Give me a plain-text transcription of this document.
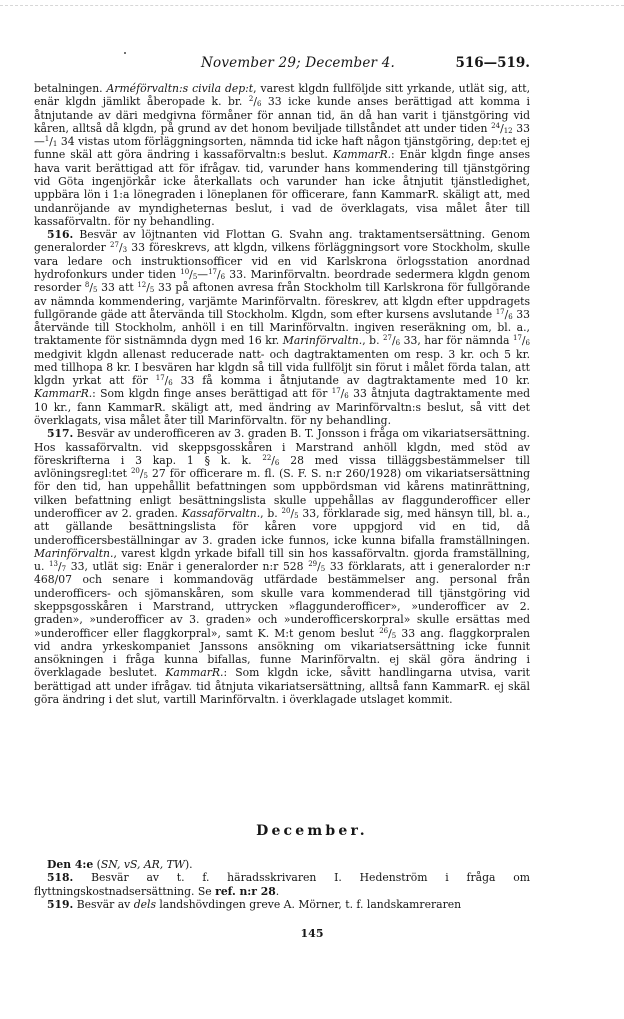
November 29; December 4.	516—519.

betalningen. Arméförvaltn:s civila dep:t, varest klgdn fullföljde sitt yrkande, utlät sig, att, enär klgdn jämlikt åberopade k. br. $^2/_6$ 33 icke kunde anses berättigad att komma i åtnjutande av däri medgivna förmåner för annan tid, än då han varit i tjänstgöring vid kåren, alltså då klgdn, på grund av det honom beviljade tillståndet att under tiden $^{24}/_{12}$ $33—^1/_1$ 34 vistas utom förläggningsorten, nämnda tid icke haft någon tjänstgöring, dep:tet ej funne skäl att göra ändring i kassaförvaltn:s beslut. KammarR.: Enär klgdn finge anses hava varit berättigad att för ifrågav. tid, varunder hans kommendering till tjänstgöring vid Göta ingenjörkår icke återkallats och varunder han icke åtnjutit tjänstledighet, uppbära lön i 1:a lönegraden i löneplanen för officerare, fann KammarR. skäligt att, med undanröjande av myndigheternas beslut, i vad de överklagats, visa målet åter till kassaförvaltn. för ny behandling.

516. Besvär av löjtnanten vid Flottan G. Svahn ang. traktamentsersättning. Genom generalorder $^{27}/_3$ 33 föreskrevs, att klgdn, vilkens förläggningsort vore Stockholm, skulle vara ledare och instruktionsofficer vid en vid Karlskrona örlogsstation anordnad hydrofonkurs under tiden $^{10}/_5—^{17}/_6$ 33. Marinförvaltn. beordrade sedermera klgdn genom resorder $^8/_5$ 33 att $^{12}/_5$ 33 på aftonen avresa från Stockholm till Karlskrona för fullgörande av nämnda kommendering, varjämte Marinförvaltn. föreskrev, att klgdn efter uppdragets fullgörande gäde att återvända till Stockholm. Klgdn, som efter kursens avslutande $^{17}/_6$ 33 återvände till Stockholm, anhöll i en till Marinförvaltn. ingiven reseräkning om, bl. a., traktamente för sistnämnda dygn med 16 kr. Marinförvaltn., b. $^{27}/_6$ 33, har för nämnda $^{17}/_6$ medgivit klgdn allenast reducerade natt- och dagtraktamenten om resp. 3 kr. och 5 kr. med tillhopa 8 kr. I besvären har klgdn så till vida fullföljt sin förut i målet förda talan, att klgdn yrkat att för $^{17}/_6$ 33 få komma i åtnjutande av dagtraktamente med 10 kr. KammarR.: Som klgdn finge anses berättigad att för $^{17}/_6$ 33 åtnjuta dagtraktamente med 10 kr., fann KammarR. skäligt att, med ändring av Marinförvaltn:s beslut, så vitt det överklagats, visa målet åter till Marinförvaltn. för ny behandling.

517. Besvär av underofficeren av 3. graden B. T. Jonsson i fråga om vikariatsersättning. Hos kassaförvaltn. vid skeppsgosskåren i Marstrand anhöll klgdn, med stöd av föreskrifterna i 3 kap. 1 § k. k. $^{22}/_6$ 28 med vissa tilläggsbestämmelser till avlöningsregl:tet $^{20}/_5$ 27 för officerare m. fl. (S. F. S. n:r 260/1928) om vikariatsersättning för den tid, han uppehållit befattningen som uppbördsman vid kårens matinrättning, vilken befattning enligt besättningslista skulle uppehållas av flaggunderofficer eller underofficer av 2. graden. Kassaförvaltn., b. $^{20}/_5$ 33, förklarade sig, med hänsyn till, bl. a., att gällande besättningslista för kåren vore uppgjord vid en tid, då underofficersbeställningar av 3. graden icke funnos, icke kunna bifalla framställningen. Marinförvaltn., varest klgdn yrkade bifall till sin hos kassaförvaltn. gjorda framställning, u. $^{13}/_7$ 33, utlät sig: Enär i generalorder n:r 528 $^{29}/_5$ 33 förklarats, att i generalorder n:r 468/07 och senare i kommandoväg utfärdade bestämmelser ang. personal från underofficers- och sjömanskåren, som skulle vara kommenderad till tjänstgöring vid skeppsgosskåren i Marstrand, uttrycken »flaggunderofficer», »underofficer av 2. graden», »underofficer av 3. graden» och »underofficerskorpral» skulle ersättas med »underofficer eller flaggkorpral», samt K. M:t genom beslut $^{26}/_5$ 33 ang. flaggkorpralen vid andra yrkeskompaniet Janssons ansökning om vikariatsersättning icke funnit ansökningen i fråga kunna bifallas, funne Marinförvaltn. ej skäl göra ändring i överklagade beslutet. KammarR.: Som klgdn icke, såvitt handlingarna utvisa, varit berättigad att under ifrågav. tid åtnjuta vikariatsersättning, alltså fann KammarR. ej skäl göra ändring i det slut, vartill Marinförvaltn. i överklagade utslaget kommit.

December.

Den 4:e (SN, vS, AR, TW).

518. Besvär av t. f. häradsskrivaren I. Hedenström i fråga om flyttningskostnadsersättning. Se ref. n:r 28.

519. Besvär av dels landshövdingen greve A. Mörner, t. f. landskamreraren

145
